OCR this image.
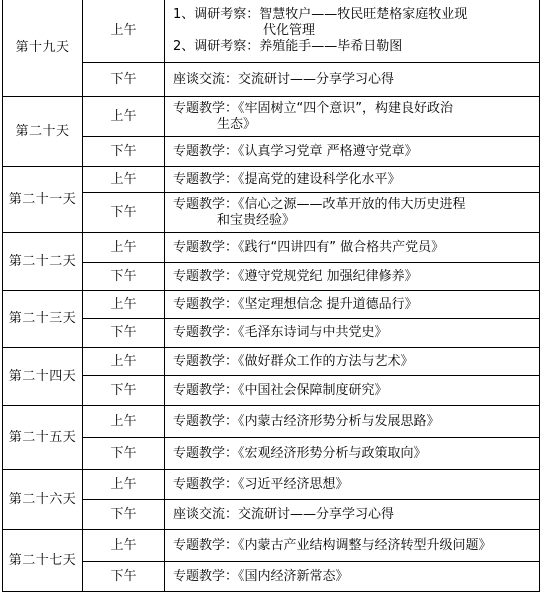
第十九天	上午	1、调研考察：智慧牧户——牧民旺楚格家庭牧业现
代化管理
2、调研考察：养殖能手——毕希日勒图

	下午	座谈交流：交流研讨——分享学习心得
第二十天	上午	专题教学：《牢固树立“四个意识”，构建良好政治
生态》

	下午	专题教学：《认真学习党章 严格遵守党章》
第二十一天	上午	专题教学：《提高党的建设科学化水平》
	下午	专题教学：《信心之源——改革开放的伟大历史进程
和宝贵经验》

第二十二天	上午	专题教学：《践行“四讲四有” 做合格共产党员》
	下午	专题教学：《遵守党规党纪 加强纪律修养》
第二十三天	上午	专题教学：《坚定理想信念 提升道德品行》
	下午	专题教学：《毛泽东诗词与中共党史》
第二十四天	上午	专题教学：《做好群众工作的方法与艺术》
	下午	专题教学：《中国社会保障制度研究》
第二十五天	上午	专题教学：《内蒙古经济形势分析与发展思路》
	下午	专题教学：《宏观经济形势分析与政策取向》
第二十六天	上午	专题教学：《习近平经济思想》
	下午	座谈交流：交流研讨——分享学习心得
第二十七天	上午	专题教学：《内蒙古产业结构调整与经济转型升级问题》
	下午	专题教学：《国内经济新常态》
